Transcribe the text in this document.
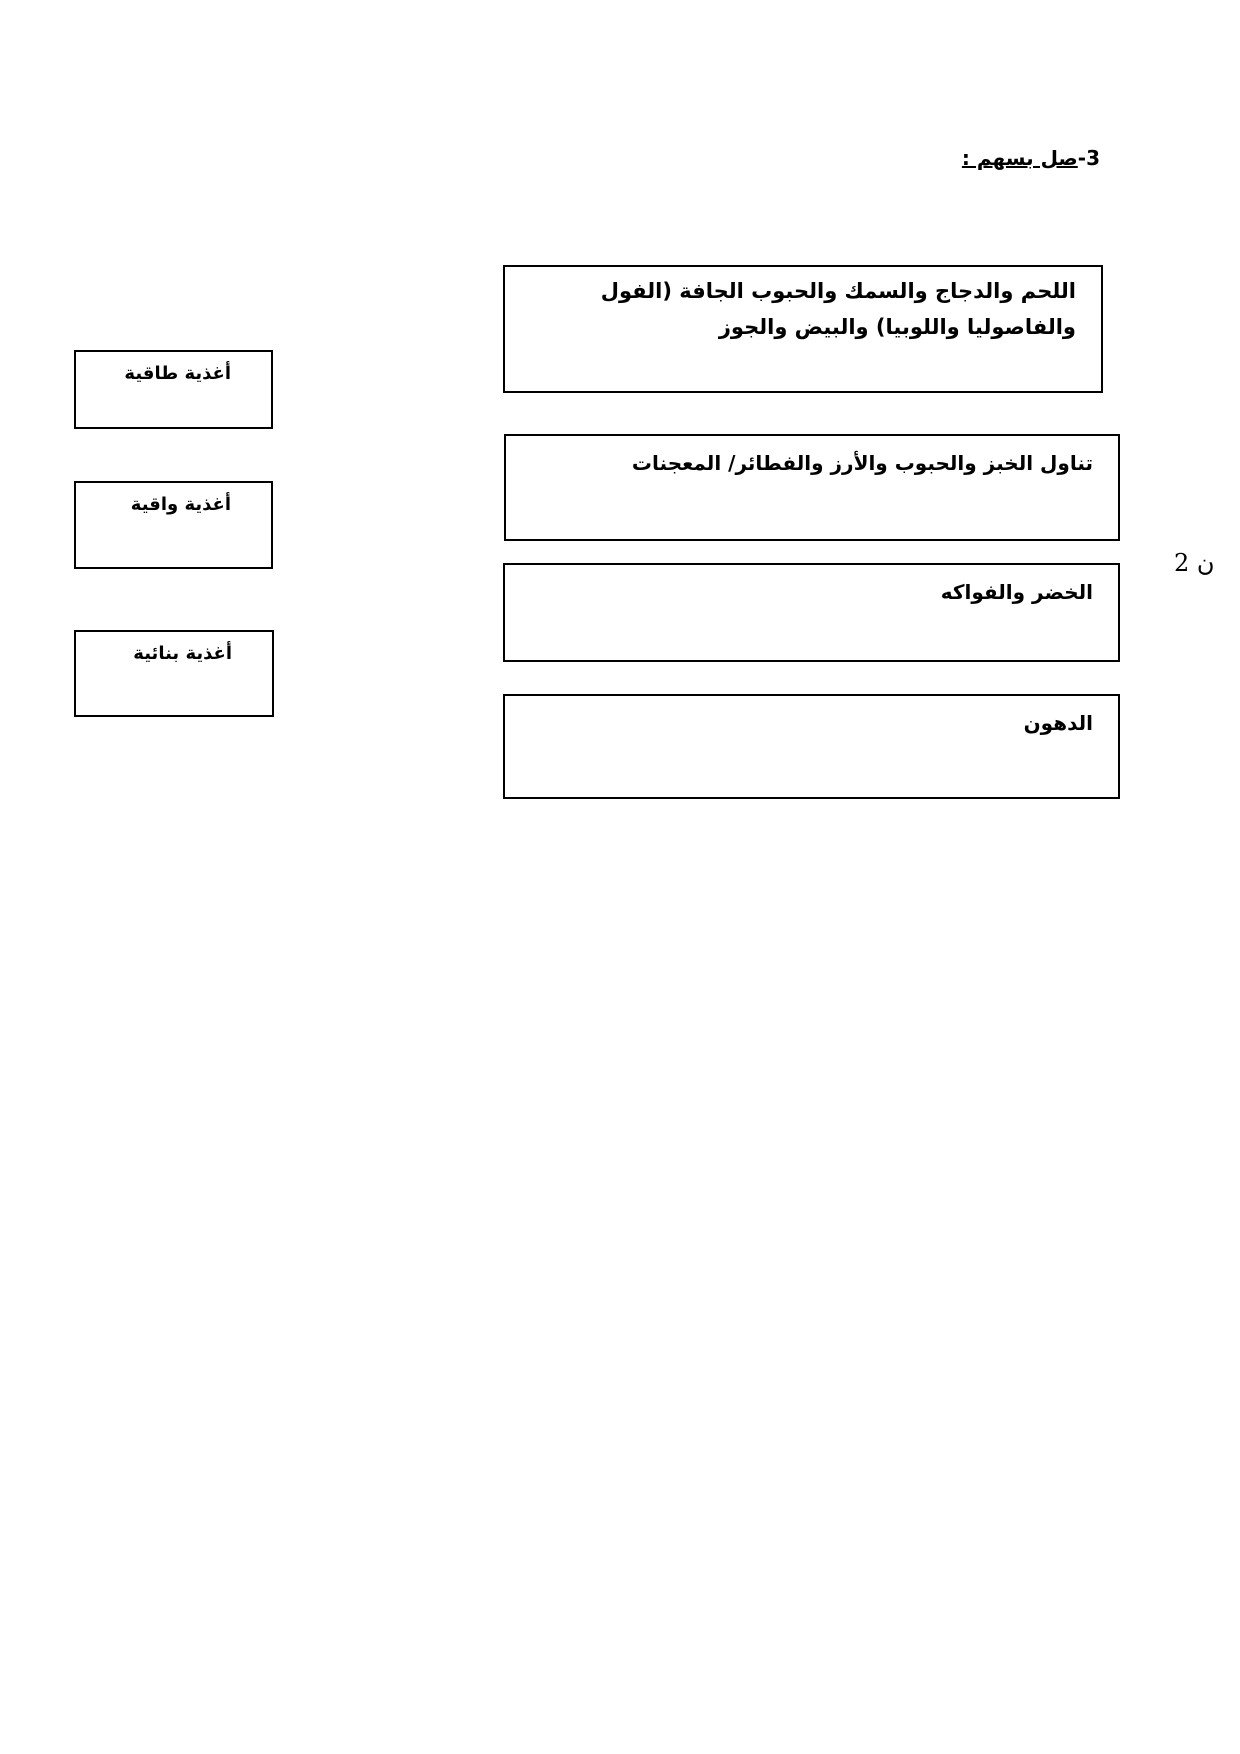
3-صل بسهم :
أغذية طاقية
أغذية واقية
أغذية بنائية
اللحم والدجاج والسمك والحبوب الجافة (الفول والفاصوليا واللوبيا) والبيض والجوز
تناول الخبز والحبوب والأرز والفطائر/ المعجنات
الخضر والفواكه
الدهون
2 ن
